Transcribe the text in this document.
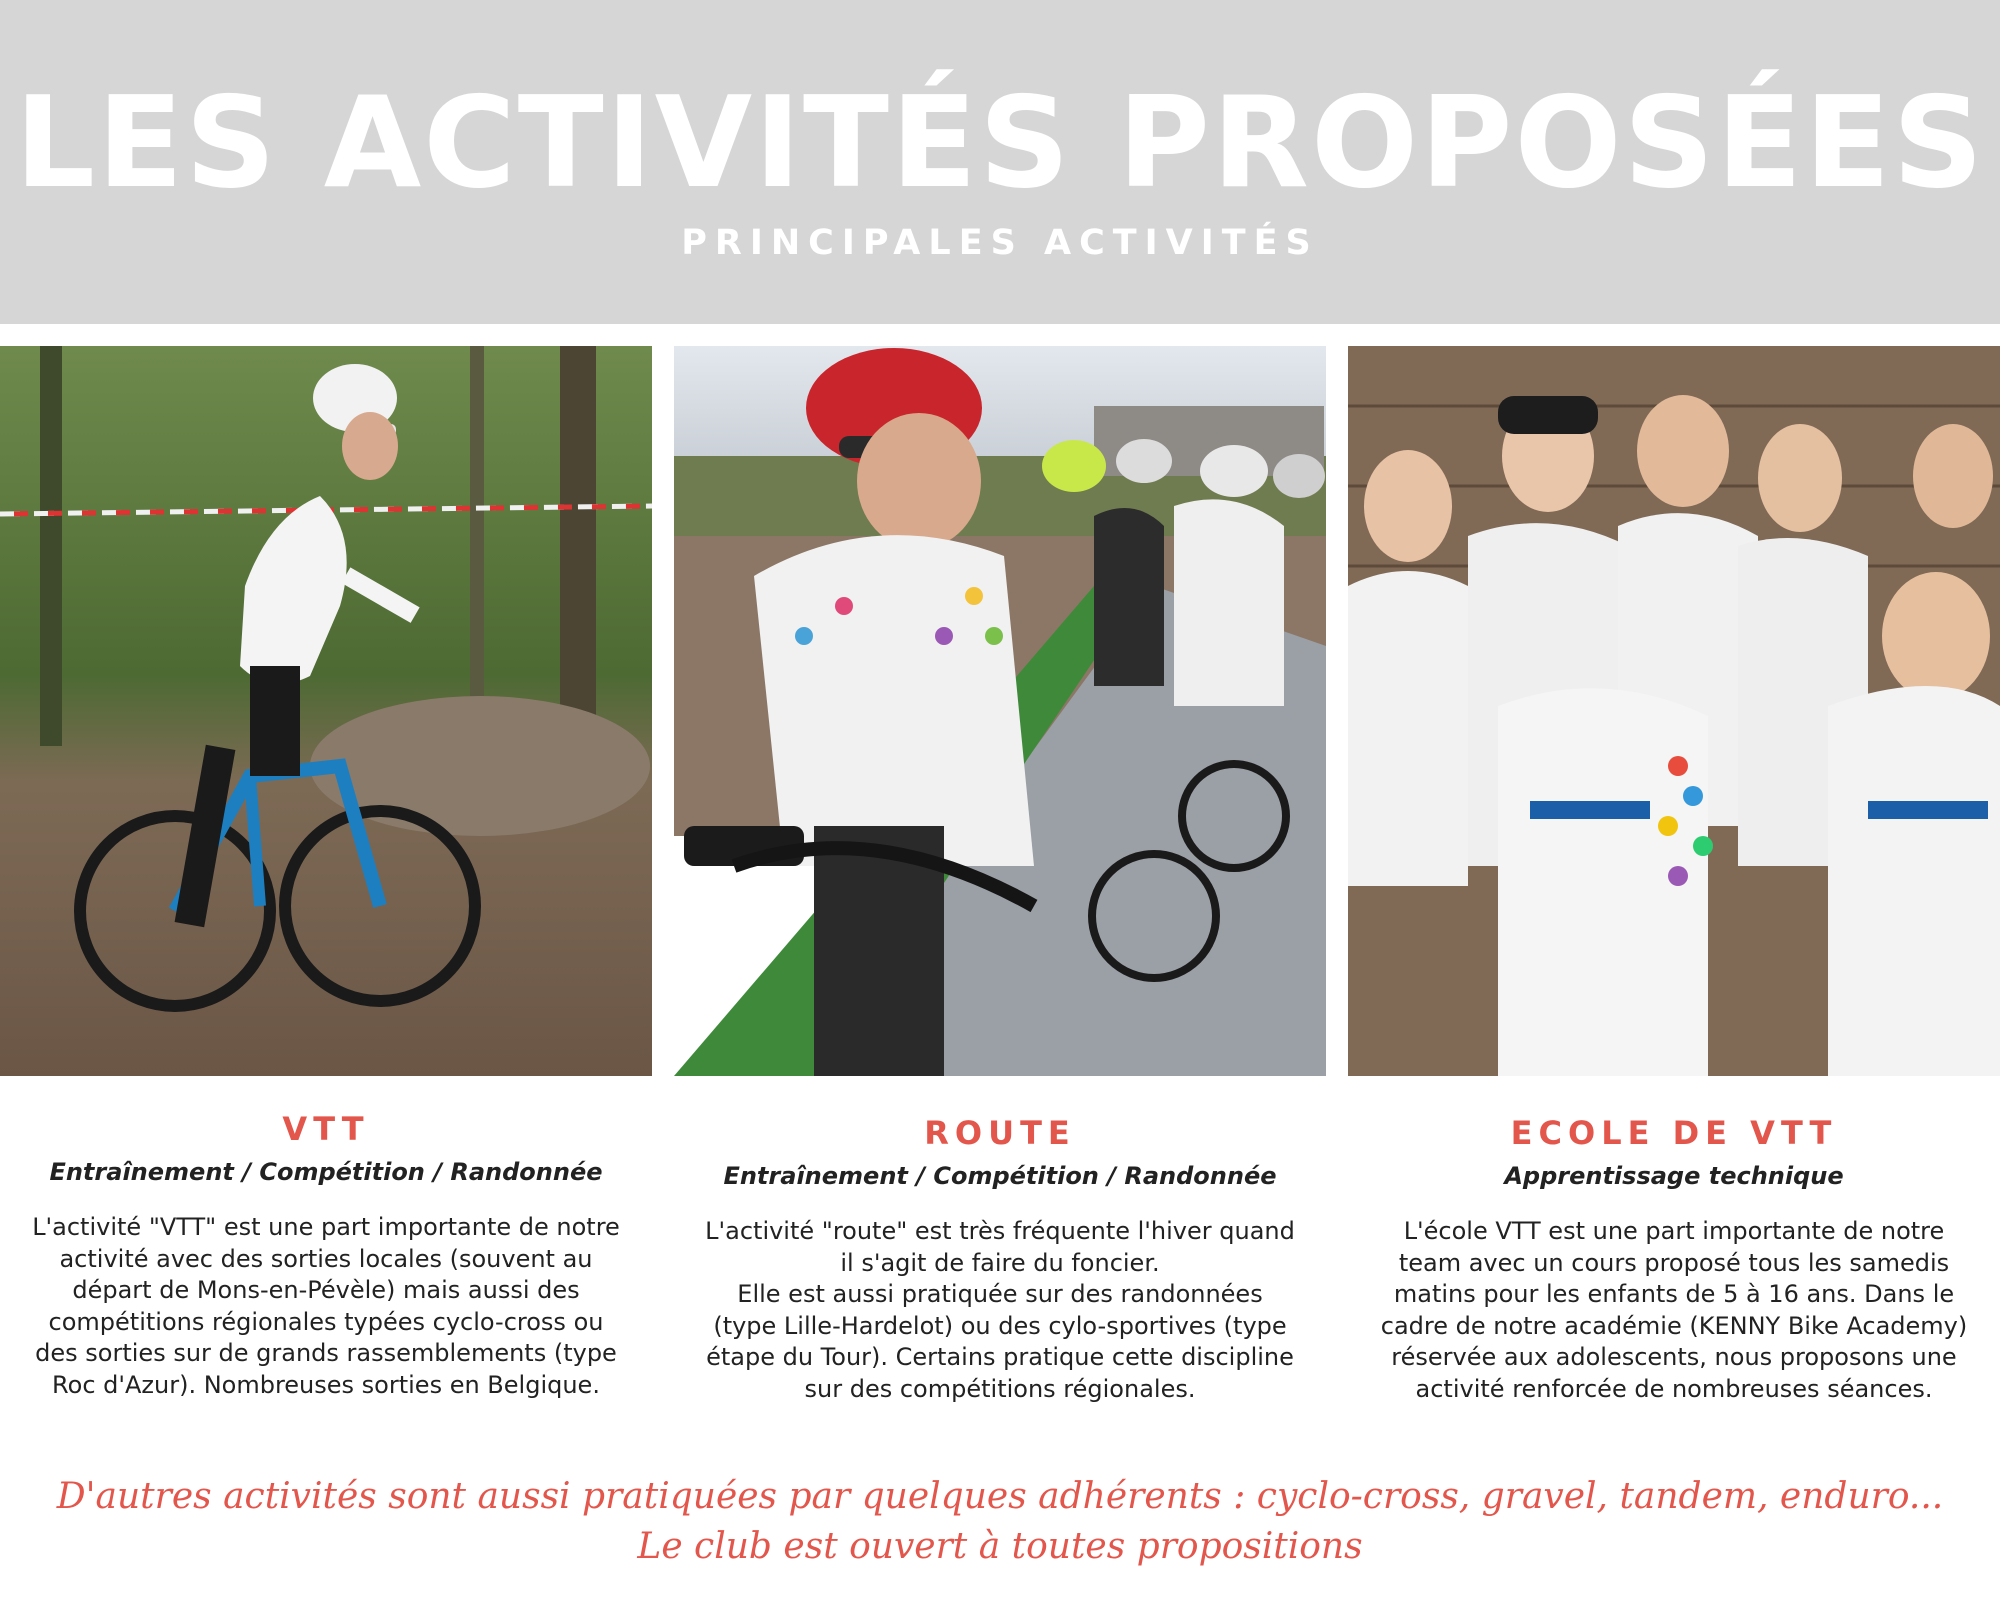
LES ACTIVITÉS PROPOSÉES
PRINCIPALES ACTIVITÉS
VTT
Entraînement / Compétition / Randonnée
L'activité "VTT" est une part importante de notre activité avec des sorties locales (souvent au départ de Mons-en-Pévèle) mais aussi des compétitions régionales typées cyclo-cross ou des sorties sur de grands rassemblements (type Roc d'Azur). Nombreuses sorties en Belgique.
ROUTE
Entraînement / Compétition / Randonnée
L'activité "route" est très fréquente l'hiver quand il s'agit de faire du foncier.
Elle est aussi pratiquée sur des randonnées (type Lille-Hardelot) ou des cylo-sportives (type étape du Tour). Certains pratique cette discipline sur des compétitions régionales.
ECOLE DE VTT
Apprentissage technique
L'école VTT est une part importante de notre team avec un cours proposé tous les samedis matins pour les enfants de 5 à 16 ans. Dans le cadre de notre académie (KENNY Bike Academy) réservée aux adolescents, nous proposons une activité renforcée de nombreuses séances.
D'autres activités sont aussi pratiquées par quelques adhérents : cyclo-cross, gravel, tandem, enduro...
Le club est ouvert à toutes propositions
